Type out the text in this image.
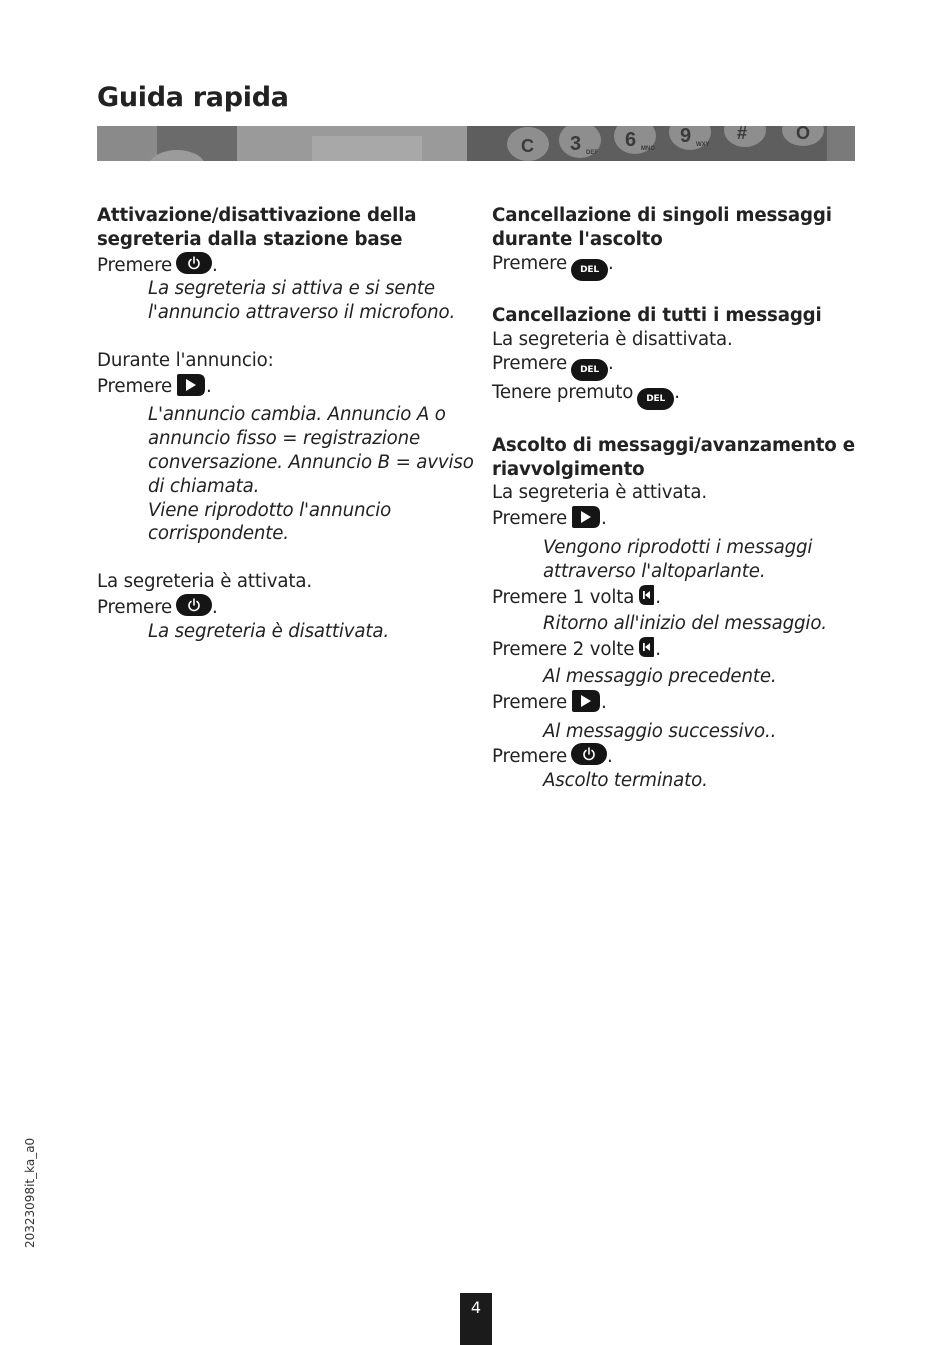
Guida rapida
C 3 6 9	#	O
DEF
MNO
WXY
Attivazione/disattivazione della
segreteria dalla stazione base
Premere .
La segreteria si attiva e si sente
l'annuncio attraverso il microfono.
Durante l'annuncio:
Premere .
L'annuncio cambia. Annuncio A o
annuncio fisso = registrazione
conversazione. Annuncio B = avviso
di chiamata.
Viene riprodotto l'annuncio
corrispondente.
La segreteria è attivata.
Premere .
La segreteria è disattivata.
Cancellazione di singoli messaggi
durante l'ascolto
Premere DEL .
Cancellazione di tutti i messaggi
La segreteria è disattivata.
Premere DEL .
Tenere premuto DEL .
Ascolto di messaggi/avanzamento e
riavvolgimento
La segreteria è attivata.
Premere .
Vengono riprodotti i messaggi
attraverso l'altoparlante.
Premere 1 volta .
Ritorno all'inizio del messaggio.
Premere 2 volte .
Al messaggio precedente.
Premere .
Al messaggio successivo..
Premere .
Ascolto terminato.
20323098it_ka_a0
4
